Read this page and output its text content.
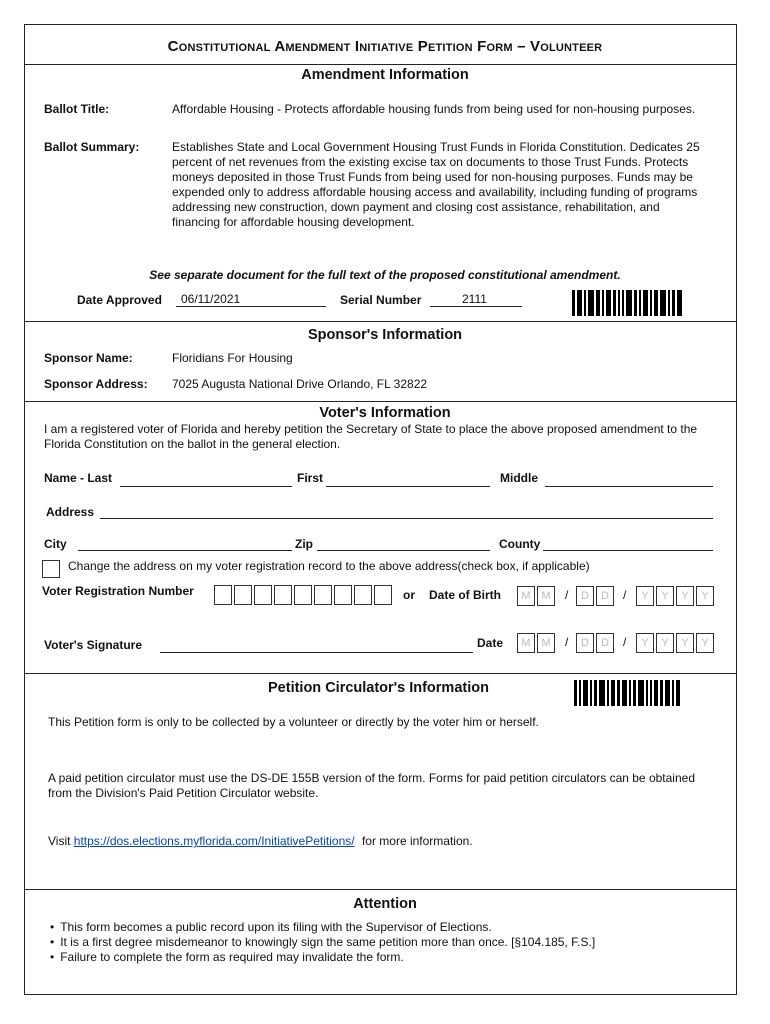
Constitutional Amendment Initiative Petition Form – Volunteer
Amendment Information
Ballot Title:	Affordable Housing - Protects affordable housing funds from being used for non-housing purposes.
Ballot Summary:	Establishes State and Local Government Housing Trust Funds in Florida Constitution. Dedicates 25 percent of net revenues from the existing excise tax on documents to those Trust Funds. Protects moneys deposited in those Trust Funds from being used for non-housing purposes. Funds may be expended only to address affordable housing access and availability, including funding of programs addressing new construction, down payment and closing cost assistance, rehabilitation, and financing for affordable housing development.
See separate document for the full text of the proposed constitutional amendment.
Date Approved 06/11/2021	Serial Number	2111
Sponsor's Information
Sponsor Name:	Floridians For Housing
Sponsor Address: 7025 Augusta National Drive Orlando, FL 32822
Voter's Information
I am a registered voter of Florida and hereby petition the Secretary of State to place the above proposed amendment to the Florida Constitution on the ballot in the general election.
Name - Last	First	Middle
Address
City	Zip	County
Change the address on my voter registration record to the above address(check box, if applicable)
Voter Registration Number	or Date of Birth	M M	/	D	D	/	Y	Y	Y	Y
Voter's Signature	Date	M M	/	D	D	/	Y	Y	Y	Y
Petition Circulator's Information
This Petition form is only to be collected by a volunteer or directly by the voter him or herself.
A paid petition circulator must use the DS-DE 155B version of the form. Forms for paid petition circulators can be obtained from the Division's Paid Petition Circulator website.
Visit https://dos.elections.myflorida.com/InitiativePetitions/ for more information.
Attention
• This form becomes a public record upon its filing with the Supervisor of Elections.
• It is a first degree misdemeanor to knowingly sign the same petition more than once. [§104.185, F.S.]
• Failure to complete the form as required may invalidate the form.
